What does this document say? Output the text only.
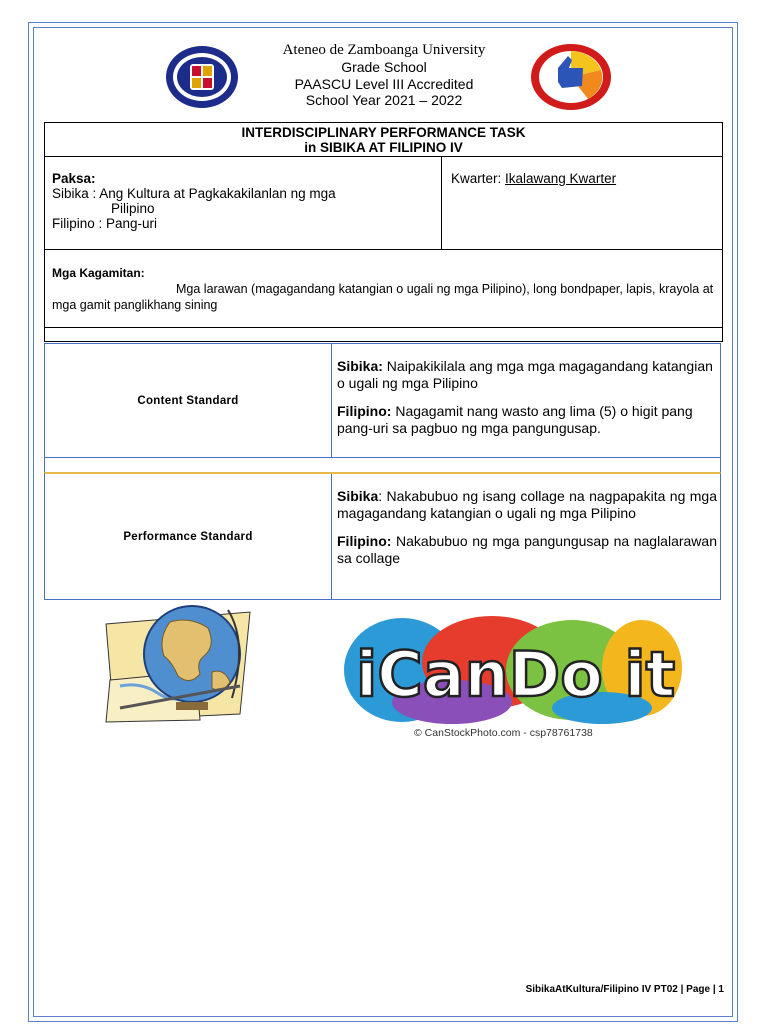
Ateneo de Zamboanga University
Grade School
PAASCU Level III Accredited
School Year 2021 – 2022
INTERDISCIPLINARY PERFORMANCE TASK
in SIBIKA AT FILIPINO IV
Paksa:
Sibika : Ang Kultura at Pagkakakilanlan ng mga
Pilipino
Filipino : Pang-uri
Kwarter: Ikalawang Kwarter
Mga Kagamitan:
Mga larawan (magagandang katangian o ugali ng mga Pilipino), long bondpaper, lapis, krayola at mga gamit panglikhang sining
Content Standard

Sibika: Naipakikilala ang mga mga magagandang katangian o ugali ng mga Pilipino

Filipino: Nagagamit nang wasto ang lima (5) o higit pang pang-uri sa pagbuo ng mga pangungusap.

Performance Standard

Sibika: Nakabubuo ng isang collage na nagpapakita ng mga magagandang katangian o ugali ng mga Pilipino

Filipino: Nakabubuo ng mga pangungusap na naglalarawan sa collage

iCanDo it
© CanStockPhoto.com - csp78761738
SibikaAtKultura/Filipino IV PT02 | Page | 1
